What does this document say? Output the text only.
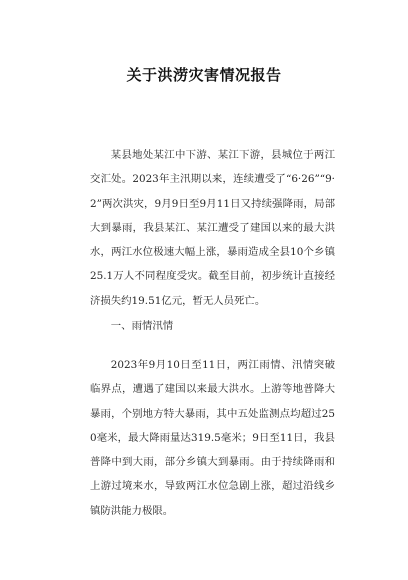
关于洪涝灾害情况报告

某县地处某江中下游、某江下游，县城位于两江交汇处。2023年主汛期以来，连续遭受了“6·26”“9·2”两次洪灾，9月9日至9月11日又持续强降雨，局部大到暴雨，我县某江、某江遭受了建国以来的最大洪水，两江水位极速大幅上涨，暴雨造成全县10个乡镇25.1万人不同程度受灾。截至目前，初步统计直接经济损失约19.51亿元，暂无人员死亡。

一、雨情汛情

2023年9月10日至11日，两江雨情、汛情突破临界点，遭遇了建国以来最大洪水。上游等地普降大暴雨，个别地方特大暴雨，其中五处监测点均超过250毫米，最大降雨量达319.5毫米；9日至11日，我县普降中到大雨，部分乡镇大到暴雨。由于持续降雨和上游过境来水，导致两江水位急剧上涨，超过沿线乡镇防洪能力极限。
